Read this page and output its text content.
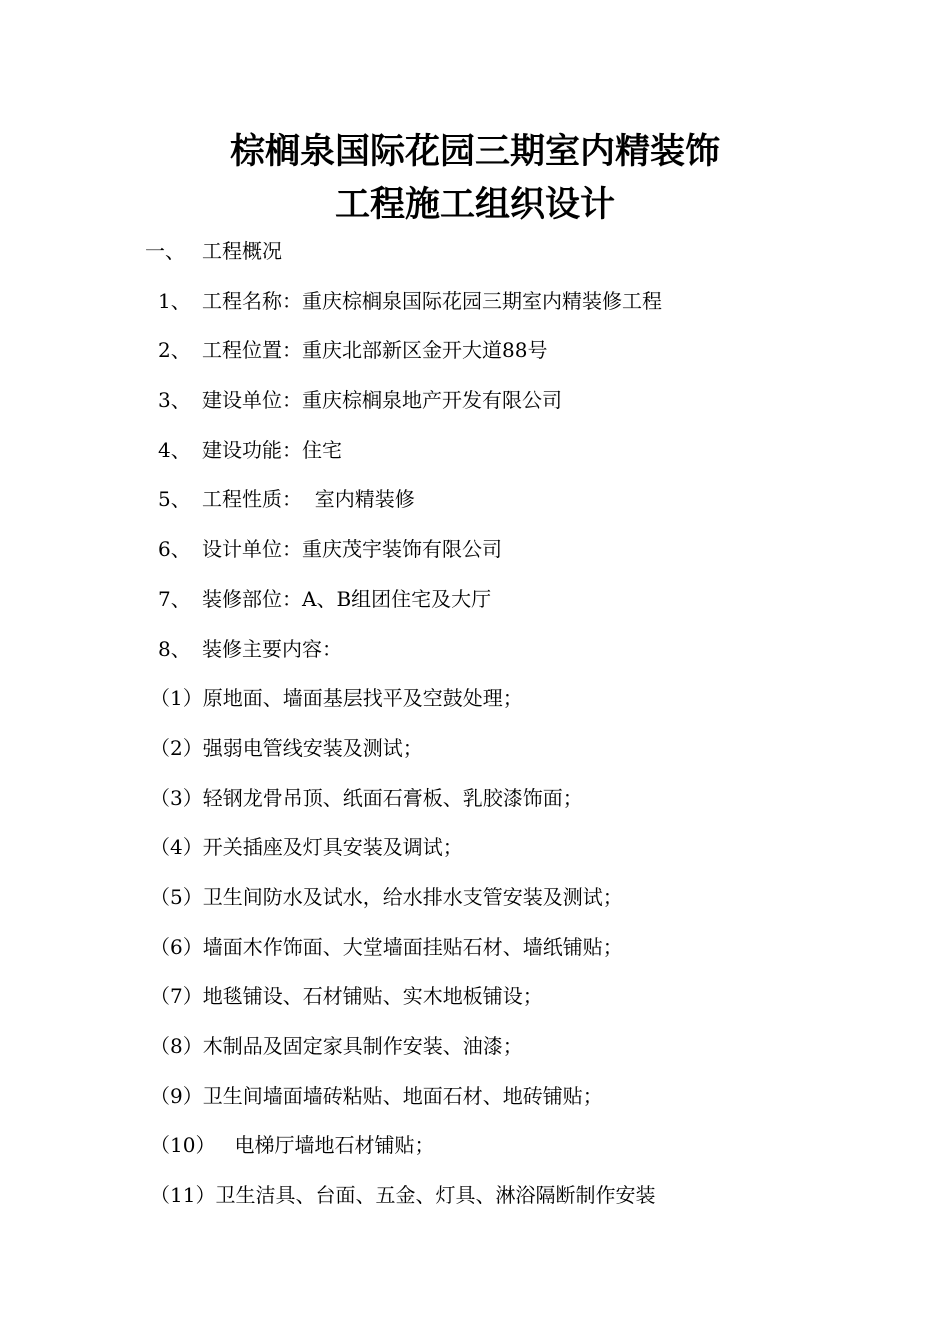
棕榈泉国际花园三期室内精装饰
工程施工组织设计
一、 工程概况
1、 工程名称：重庆棕榈泉国际花园三期室内精装修工程
2、 工程位置：重庆北部新区金开大道88号
3、 建设单位：重庆棕榈泉地产开发有限公司
4、 建设功能：住宅
5、 工程性质：  室内精装修
6、 设计单位：重庆茂宇装饰有限公司
7、 装修部位：A、B组团住宅及大厅
8、 装修主要内容：
（1）原地面、墙面基层找平及空鼓处理；
（2）强弱电管线安装及测试；
（3）轻钢龙骨吊顶、纸面石膏板、乳胶漆饰面；
（4）开关插座及灯具安装及调试；
（5）卫生间防水及试水，给水排水支管安装及测试；
（6）墙面木作饰面、大堂墙面挂贴石材、墙纸铺贴；
（7）地毯铺设、石材铺贴、实木地板铺设；
（8）木制品及固定家具制作安装、油漆；
（9）卫生间墙面墙砖粘贴、地面石材、地砖铺贴；
（10）   电梯厅墙地石材铺贴；
（11）卫生洁具、台面、五金、灯具、淋浴隔断制作安装
